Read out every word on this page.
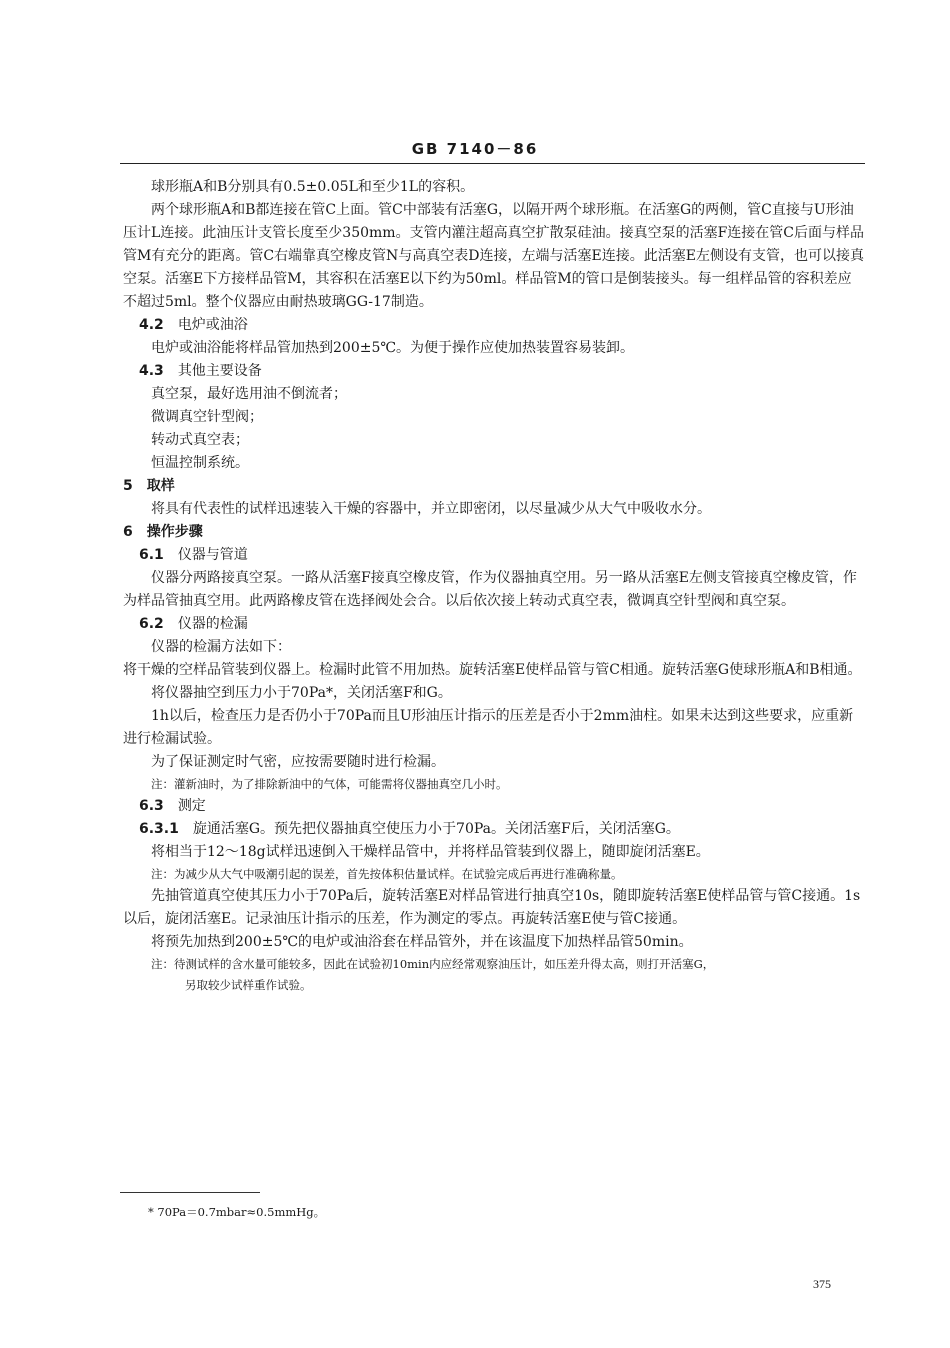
GB 7140－86

球形瓶A和B分别具有0.5±0.05L和至少1L的容积。

两个球形瓶A和B都连接在管C上面。管C中部装有活塞G，以隔开两个球形瓶。在活塞G的两侧，管C直接与U形油压计L连接。此油压计支管长度至少350mm。支管内灌注超高真空扩散泵硅油。接真空泵的活塞F连接在管C后面与样品管M有充分的距离。管C右端靠真空橡皮管N与高真空表D连接，左端与活塞E连接。此活塞E左侧设有支管，也可以接真空泵。活塞E下方接样品管M，其容积在活塞E以下约为50ml。样品管M的管口是倒装接头。每一组样品管的容积差应不超过5ml。整个仪器应由耐热玻璃GG-17制造。

4.2 电炉或油浴

电炉或油浴能将样品管加热到200±5℃。为便于操作应使加热装置容易装卸。

4.3 其他主要设备

真空泵，最好选用油不倒流者；

微调真空针型阀；

转动式真空表；

恒温控制系统。

5 取样

将具有代表性的试样迅速装入干燥的容器中，并立即密闭，以尽量减少从大气中吸收水分。

6 操作步骤

6.1 仪器与管道

仪器分两路接真空泵。一路从活塞F接真空橡皮管，作为仪器抽真空用。另一路从活塞E左侧支管接真空橡皮管，作为样品管抽真空用。此两路橡皮管在选择阀处会合。以后依次接上转动式真空表，微调真空针型阀和真空泵。

6.2 仪器的检漏

仪器的检漏方法如下：

将干燥的空样品管装到仪器上。检漏时此管不用加热。旋转活塞E使样品管与管C相通。旋转活塞G使球形瓶A和B相通。

将仪器抽空到压力小于70Pa*，关闭活塞F和G。

1h以后，检查压力是否仍小于70Pa而且U形油压计指示的压差是否小于2mm油柱。如果未达到这些要求，应重新进行检漏试验。

为了保证测定时气密，应按需要随时进行检漏。

注：灌新油时，为了排除新油中的气体，可能需将仪器抽真空几小时。

6.3 测定

6.3.1 旋通活塞G。预先把仪器抽真空使压力小于70Pa。关闭活塞F后，关闭活塞G。

将相当于12～18g试样迅速倒入干燥样品管中，并将样品管装到仪器上，随即旋闭活塞E。

注：为减少从大气中吸潮引起的误差，首先按体积估量试样。在试验完成后再进行准确称量。

先抽管道真空使其压力小于70Pa后，旋转活塞E对样品管进行抽真空10s，随即旋转活塞E使样品管与管C接通。1s以后，旋闭活塞E。记录油压计指示的压差，作为测定的零点。再旋转活塞E使与管C接通。

将预先加热到200±5℃的电炉或油浴套在样品管外，并在该温度下加热样品管50min。

注：待测试样的含水量可能较多，因此在试验初10min内应经常观察油压计，如压差升得太高，则打开活塞G，

另取较少试样重作试验。

* 70Pa＝0.7mbar≈0.5mmHg。
375
